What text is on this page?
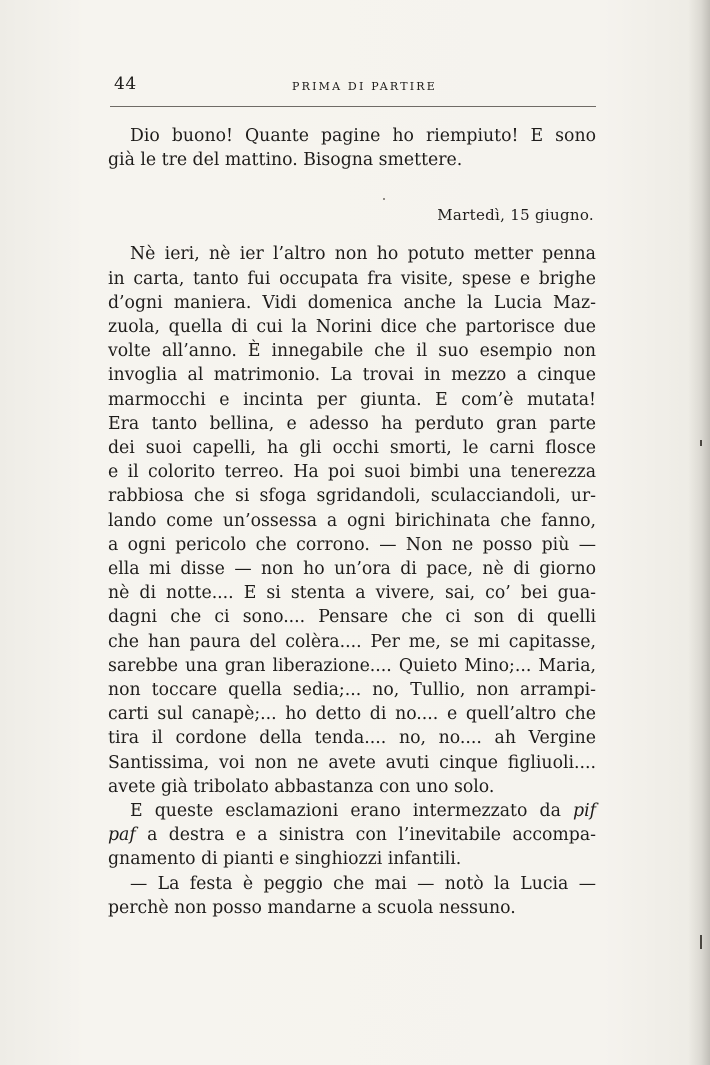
44	PRIMA DI PARTIRE

Dio buono! Quante pagine ho riempiuto! E sono
già le tre del mattino. Bisogna smettere.

Martedì, 15 giugno.

Nè ieri, nè ier l’altro non ho potuto metter penna
in carta, tanto fui occupata fra visite, spese e brighe
d’ogni maniera. Vidi domenica anche la Lucia Maz-
zuola, quella di cui la Norini dice che partorisce due
volte all’anno. È innegabile che il suo esempio non
invoglia al matrimonio. La trovai in mezzo a cinque
marmocchi e incinta per giunta. E com’è mutata!
Era tanto bellina, e adesso ha perduto gran parte
dei suoi capelli, ha gli occhi smorti, le carni flosce
e il colorito terreo. Ha poi suoi bimbi una tenerezza
rabbiosa che si sfoga sgridandoli, sculacciandoli, ur-
lando come un’ossessa a ogni birichinata che fanno,
a ogni pericolo che corrono. — Non ne posso più —
ella mi disse — non ho un’ora di pace, nè di giorno
nè di notte.... E si stenta a vivere, sai, co’ bei gua-
dagni che ci sono.... Pensare che ci son di quelli
che han paura del colèra.... Per me, se mi capitasse,
sarebbe una gran liberazione.... Quieto Mino;... Maria,
non toccare quella sedia;... no, Tullio, non arrampi-
carti sul canapè;... ho detto di no.... e quell’altro che
tira il cordone della tenda.... no, no.... ah Vergine
Santissima, voi non ne avete avuti cinque figliuoli....
avete già tribolato abbastanza con uno solo.

E queste esclamazioni erano intermezzato da pif
paf a destra e a sinistra con l’inevitabile accompa-
gnamento di pianti e singhiozzi infantili.

— La festa è peggio che mai — notò la Lucia —
perchè non posso mandarne a scuola nessuno.
